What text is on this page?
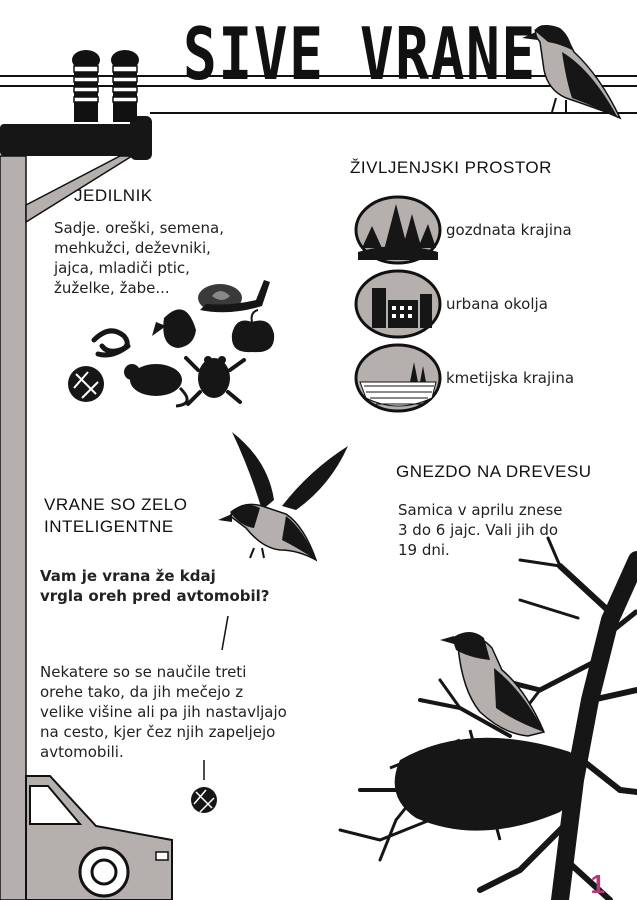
SIVE VRANE
JEDILNIK
Sadje. oreški, semena,
mehkužci, deževniki,
jajca, mladiči ptic,
žuželke, žabe...
ŽIVLJENJSKI PROSTOR
gozdnata krajina
urbana okolja
kmetijska krajina
VRANE SO ZELO
INTELIGENTNE
Vam je vrana že kdaj
vrgla oreh pred avtomobil?
Nekatere so se naučile treti
orehe tako, da jih mečejo z
velike višine ali pa jih nastavljajo
na cesto, kjer čez njih zapeljejo
avtomobili.
GNEZDO NA DREVESU
Samica v aprilu znese
3 do 6 jajc. Vali jih do
19 dni.
1
